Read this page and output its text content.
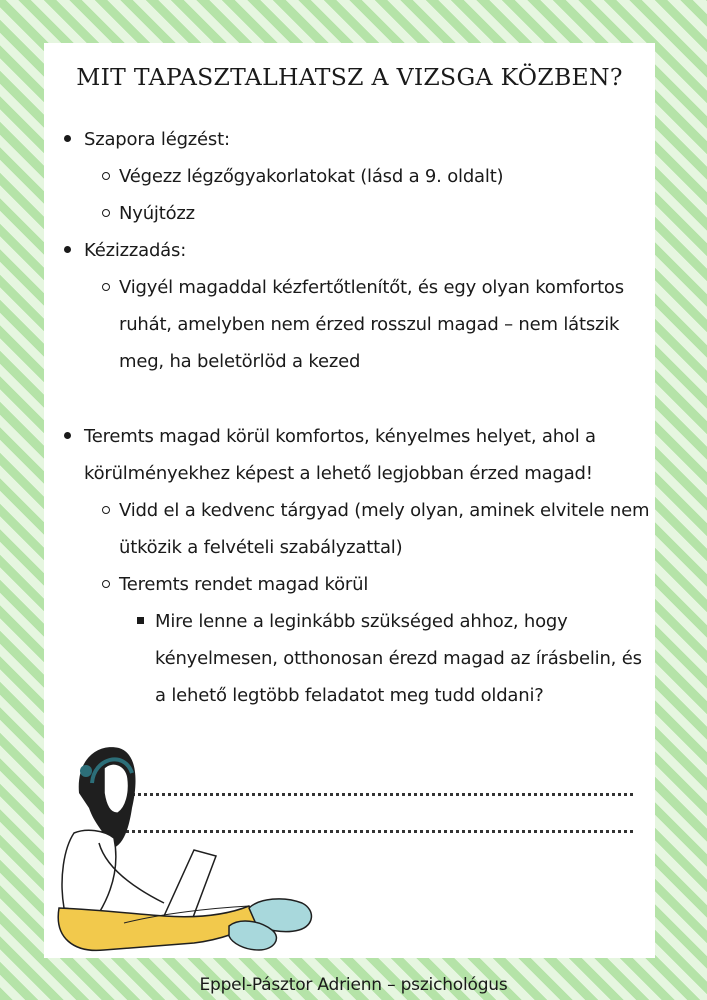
MIT TAPASZTALHATSZ A VIZSGA KÖZBEN?
Szapora légzést:
Végezz légzőgyakorlatokat (lásd a 9. oldalt)
Nyújtózz
Kézizzadás:
Vigyél magaddal kézfertőtlenítőt, és egy olyan komfortos ruhát, amelyben nem érzed rosszul magad – nem látszik meg, ha beletörlöd a kezed
Teremts magad körül komfortos, kényelmes helyet, ahol a körülményekhez képest a lehető legjobban érzed magad!
Vidd el a kedvenc tárgyad (mely olyan, aminek elvitele nem ütközik a felvételi szabályzattal)
Teremts rendet magad körül
Mire lenne a leginkább szükséged ahhoz, hogy kényelmesen, otthonosan érezd magad az írásbelin, és a lehető legtöbb feladatot meg tudd oldani?
Eppel-Pásztor Adrienn – pszichológus
